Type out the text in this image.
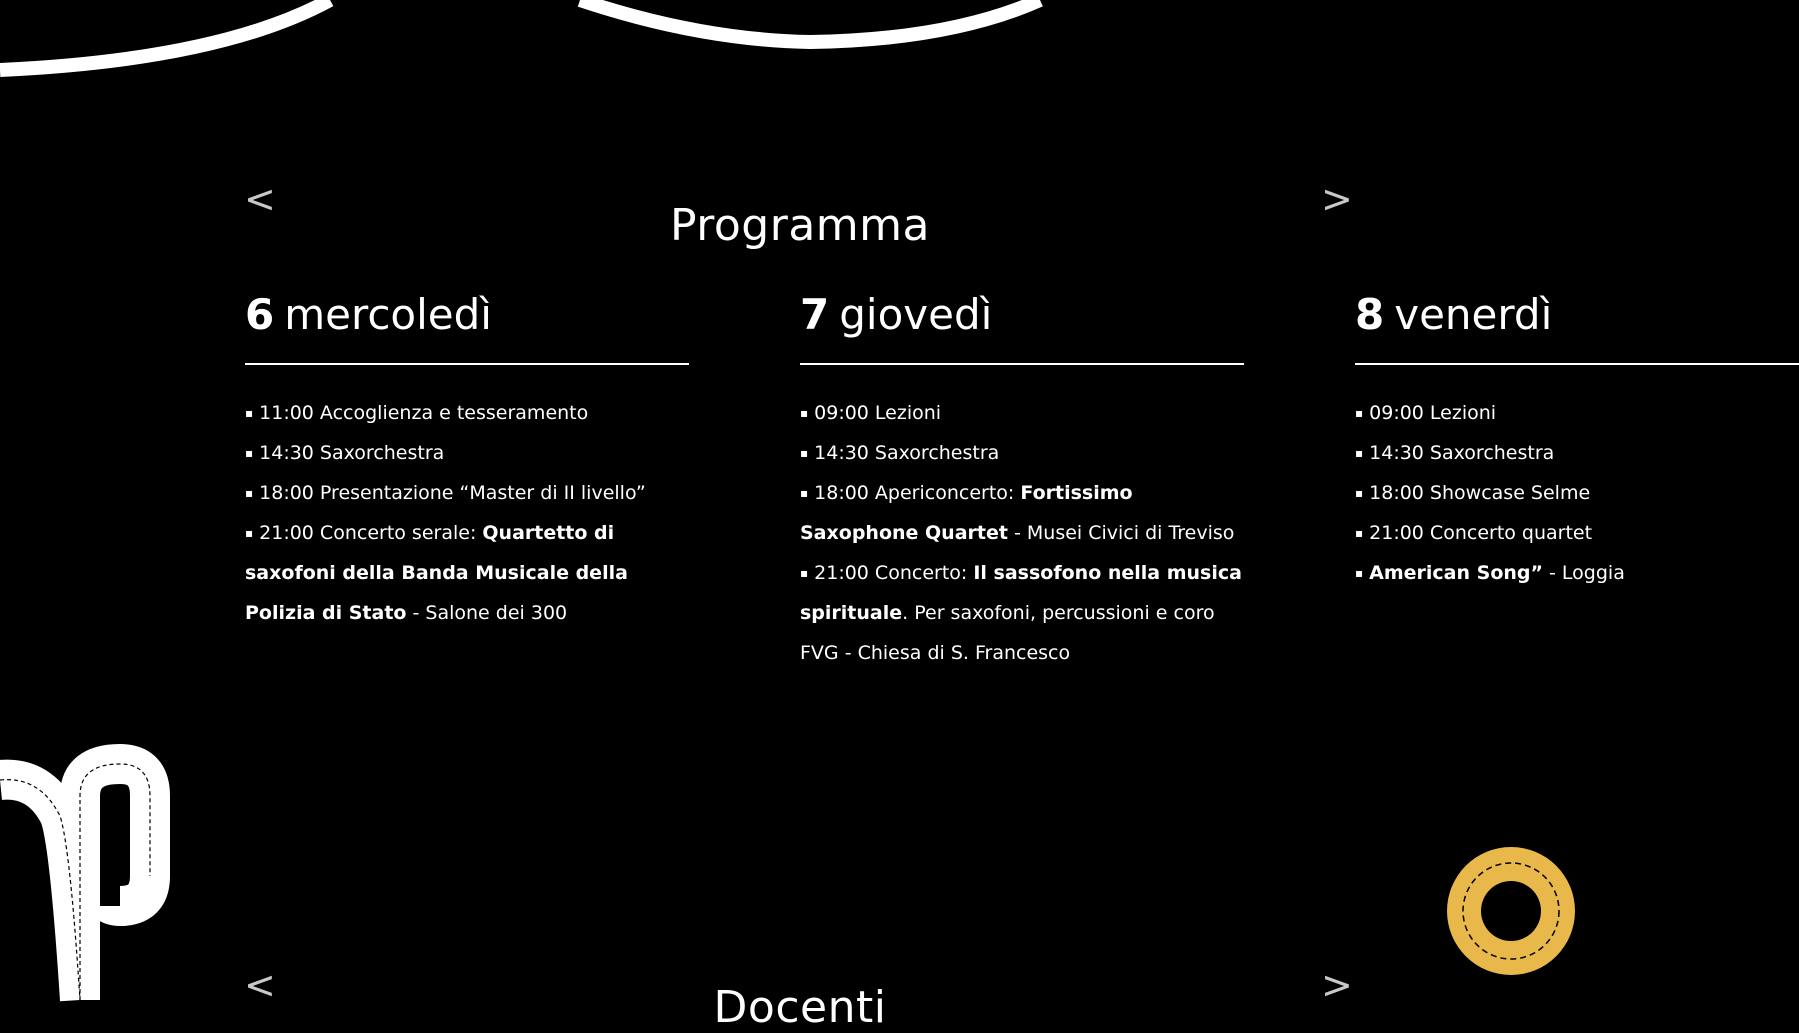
<	>
Programma
6 mercoledì
▪ 11:00 Accoglienza e tesseramento
▪ 14:30 Saxorchestra
▪ 18:00 Presentazione “Master di II livello”
▪ 21:00 Concerto serale: Quartetto di saxofoni della Banda Musicale della Polizia di Stato - Salone dei 300
7 giovedì
▪ 09:00 Lezioni
▪ 14:30 Saxorchestra
▪ 18:00 Apericoncerto: Fortissimo Saxophone Quartet - Musei Civici di Treviso
▪ 21:00 Concerto: Il sassofono nella musica spirituale. Per saxofoni, percussioni e coro FVG - Chiesa di S. Francesco
8 venerdì
▪ 09:00 Lezioni
▪ 14:30 Saxorchestra
▪ 18:00 Showcase Selme
▪ 21:00 Concerto quartet
▪ American Song” - Loggia
<	>
Docenti
